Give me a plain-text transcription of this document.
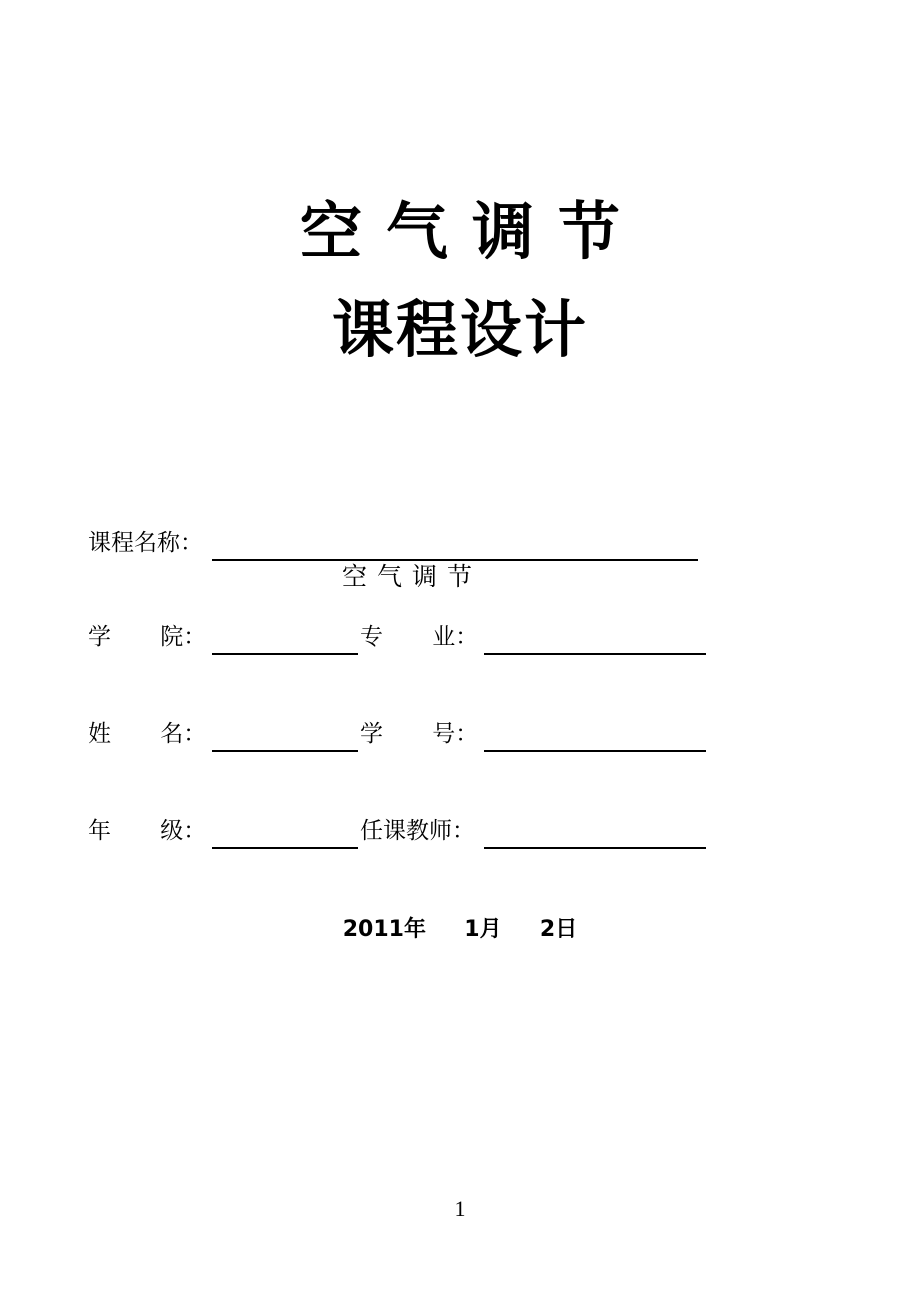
空气调节
课程设计
课程名称：
空气调节
学 院：	专 业：
姓 名：	学 号：
年 级：	任课教师：
2011年 1月 2日
1
